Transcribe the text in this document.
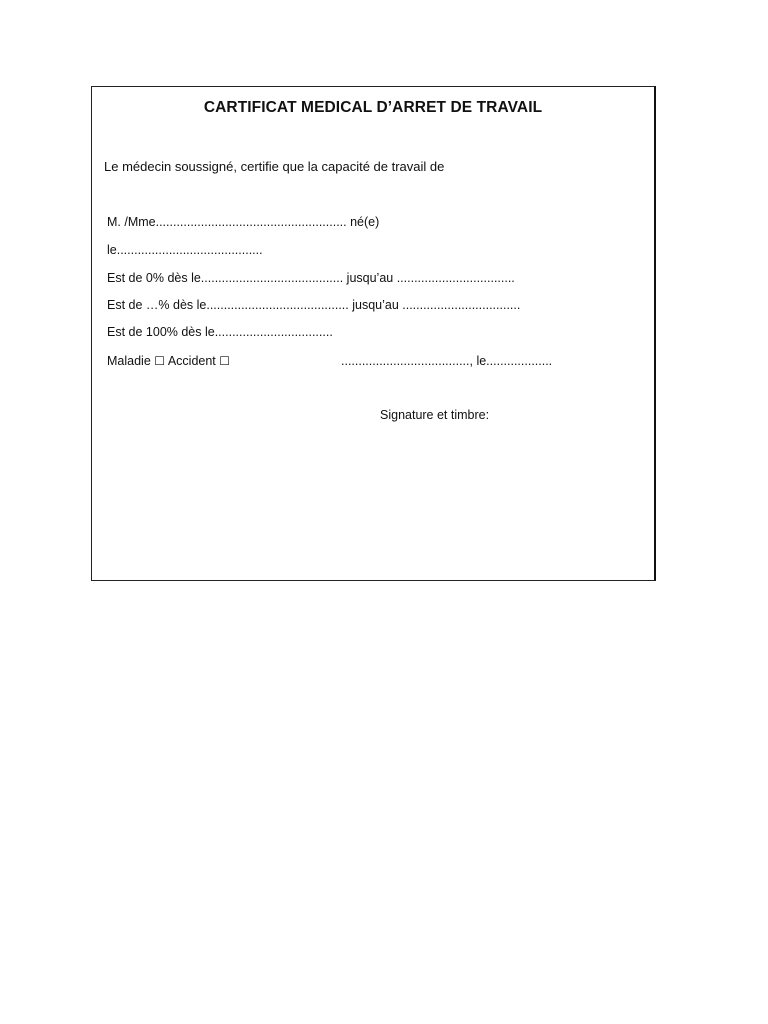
CARTIFICAT MEDICAL D’ARRET DE TRAVAIL

Le médecin soussigné, certifie que la capacité de travail de

M. /Mme....................................................... né(e)

le..........................................

Est de 0% dès le......................................... jusqu’au ..................................

Est de …% dès le......................................... jusqu’au ..................................

Est de 100% dès le..................................

Maladie ☐ Accident ☐	....................................., le...................

Signature et timbre:
